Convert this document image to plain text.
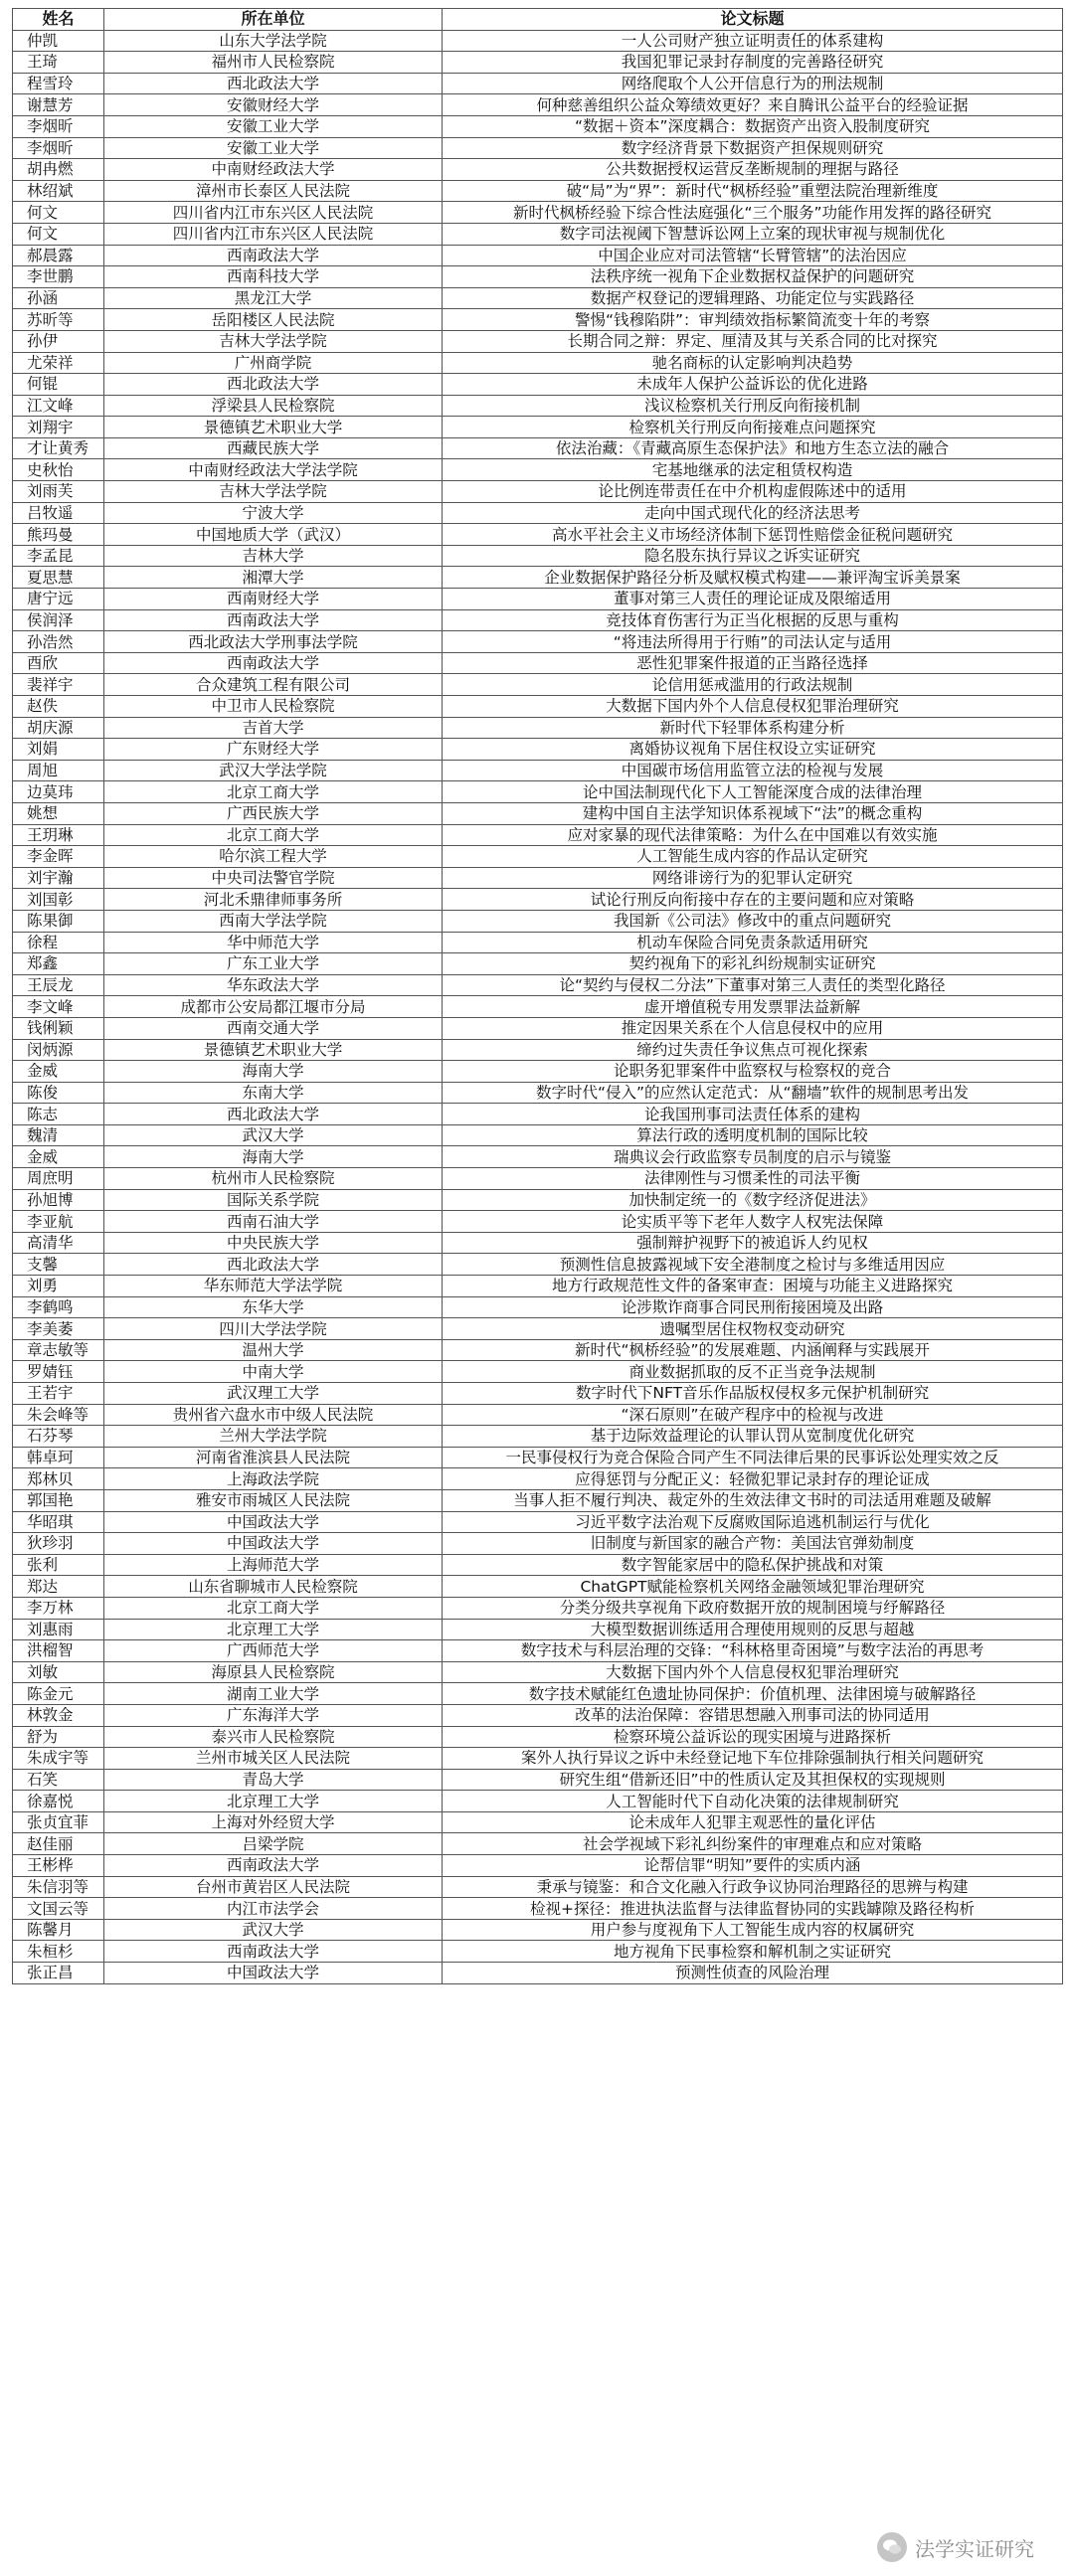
姓名	所在单位	论文标题
仲凯	山东大学法学院	一人公司财产独立证明责任的体系建构
王琦	福州市人民检察院	我国犯罪记录封存制度的完善路径研究
程雪玲	西北政法大学	网络爬取个人公开信息行为的刑法规制
谢慧芳	安徽财经大学	何种慈善组织公益众筹绩效更好？来自腾讯公益平台的经验证据
李烟昕	安徽工业大学	“数据＋资本”深度耦合：数据资产出资入股制度研究
李烟昕	安徽工业大学	数字经济背景下数据资产担保规则研究
胡冉燃	中南财经政法大学	公共数据授权运营反垄断规制的理据与路径
林绍斌	漳州市长泰区人民法院	破“局”为“界”：新时代“枫桥经验”重塑法院治理新维度
何文	四川省内江市东兴区人民法院	新时代枫桥经验下综合性法庭强化“三个服务”功能作用发挥的路径研究
何文	四川省内江市东兴区人民法院	数字司法视阈下智慧诉讼网上立案的现状审视与规制优化
郝晨露	西南政法大学	中国企业应对司法管辖“长臂管辖”的法治因应
李世鹏	西南科技大学	法秩序统一视角下企业数据权益保护的问题研究
孙涵	黑龙江大学	数据产权登记的逻辑理路、功能定位与实践路径
苏昕等	岳阳楼区人民法院	警惕“钱穆陷阱”：审判绩效指标繁简流变十年的考察
孙伊	吉林大学法学院	长期合同之辩：界定、厘清及其与关系合同的比对探究
尤荣祥	广州商学院	驰名商标的认定影响判决趋势
何锟	西北政法大学	未成年人保护公益诉讼的优化进路
江文峰	浮梁县人民检察院	浅议检察机关行刑反向衔接机制
刘翔宇	景德镇艺术职业大学	检察机关行刑反向衔接难点问题探究
才让黄秀	西藏民族大学	依法治藏：《青藏高原生态保护法》和地方生态立法的融合
史秋怡	中南财经政法大学法学院	宅基地继承的法定租赁权构造
刘雨芙	吉林大学法学院	论比例连带责任在中介机构虚假陈述中的适用
吕牧遥	宁波大学	走向中国式现代化的经济法思考
熊玛曼	中国地质大学（武汉）	高水平社会主义市场经济体制下惩罚性赔偿金征税问题研究
李孟昆	吉林大学	隐名股东执行异议之诉实证研究
夏思慧	湘潭大学	企业数据保护路径分析及赋权模式构建——兼评淘宝诉美景案
唐宁远	西南财经大学	董事对第三人责任的理论证成及限缩适用
侯润泽	西南政法大学	竞技体育伤害行为正当化根据的反思与重构
孙浩然	西北政法大学刑事法学院	“将违法所得用于行贿”的司法认定与适用
酉欣	西南政法大学	恶性犯罪案件报道的正当路径选择
裴祥宇	合众建筑工程有限公司	论信用惩戒滥用的行政法规制
赵佚	中卫市人民检察院	大数据下国内外个人信息侵权犯罪治理研究
胡庆源	吉首大学	新时代下轻罪体系构建分析
刘娟	广东财经大学	离婚协议视角下居住权设立实证研究
周旭	武汉大学法学院	中国碳市场信用监管立法的检视与发展
边莫玮	北京工商大学	论中国法制现代化下人工智能深度合成的法律治理
姚想	广西民族大学	建构中国自主法学知识体系视域下“法”的概念重构
王玥琳	北京工商大学	应对家暴的现代法律策略：为什么在中国难以有效实施
李金晖	哈尔滨工程大学	人工智能生成内容的作品认定研究
刘宇瀚	中央司法警官学院	网络诽谤行为的犯罪认定研究
刘国彰	河北禾鼎律师事务所	试论行刑反向衔接中存在的主要问题和应对策略
陈果御	西南大学法学院	我国新《公司法》修改中的重点问题研究
徐程	华中师范大学	机动车保险合同免责条款适用研究
郑鑫	广东工业大学	契约视角下的彩礼纠纷规制实证研究
王辰龙	华东政法大学	论“契约与侵权二分法”下董事对第三人责任的类型化路径
李文峰	成都市公安局都江堰市分局	虚开增值税专用发票罪法益新解
钱俐颖	西南交通大学	推定因果关系在个人信息侵权中的应用
闵炳源	景德镇艺术职业大学	缔约过失责任争议焦点可视化探索
金威	海南大学	论职务犯罪案件中监察权与检察权的竞合
陈俊	东南大学	数字时代“侵入”的应然认定范式：从“翻墙”软件的规制思考出发
陈志	西北政法大学	论我国刑事司法责任体系的建构
魏清	武汉大学	算法行政的透明度机制的国际比较
金威	海南大学	瑞典议会行政监察专员制度的启示与镜鉴
周庶明	杭州市人民检察院	法律刚性与习惯柔性的司法平衡
孙旭博	国际关系学院	加快制定统一的《数字经济促进法》
李亚航	西南石油大学	论实质平等下老年人数字人权宪法保障
高清华	中央民族大学	强制辩护视野下的被追诉人约见权
支馨	西北政法大学	预测性信息披露视域下安全港制度之检讨与多维适用因应
刘勇	华东师范大学法学院	地方行政规范性文件的备案审查：困境与功能主义进路探究
李鹤鸣	东华大学	论涉欺诈商事合同民刑衔接困境及出路
李美萎	四川大学法学院	遗嘱型居住权物权变动研究
章志敏等	温州大学	新时代“枫桥经验”的发展难题、内涵阐释与实践展开
罗婧钰	中南大学	商业数据抓取的反不正当竞争法规制
王若宇	武汉理工大学	数字时代下NFT音乐作品版权侵权多元保护机制研究
朱会峰等	贵州省六盘水市中级人民法院	“深石原则”在破产程序中的检视与改进
石芬琴	兰州大学法学院	基于边际效益理论的认罪认罚从宽制度优化研究
韩卓珂	河南省淮滨县人民法院	一民事侵权行为竞合保险合同产生不同法律后果的民事诉讼处理实效之反
郑林贝	上海政法学院	应得惩罚与分配正义：轻微犯罪记录封存的理论证成
郭国艳	雅安市雨城区人民法院	当事人拒不履行判决、裁定外的生效法律文书时的司法适用难题及破解
华昭琪	中国政法大学	习近平数字法治观下反腐败国际追逃机制运行与优化
狄珍羽	中国政法大学	旧制度与新国家的融合产物：美国法官弹劾制度
张利	上海师范大学	数字智能家居中的隐私保护挑战和对策
郑达	山东省聊城市人民检察院	ChatGPT赋能检察机关网络金融领域犯罪治理研究
李万林	北京工商大学	分类分级共享视角下政府数据开放的规制困境与纾解路径
刘惠雨	北京理工大学	大模型数据训练适用合理使用规则的反思与超越
洪榴智	广西师范大学	数字技术与科层治理的交锋：“科林格里奇困境”与数字法治的再思考
刘敏	海原县人民检察院	大数据下国内外个人信息侵权犯罪治理研究
陈金元	湖南工业大学	数字技术赋能红色遗址协同保护：价值机理、法律困境与破解路径
林敦金	广东海洋大学	改革的法治保障：容错思想融入刑事司法的协同适用
舒为	泰兴市人民检察院	检察环境公益诉讼的现实困境与进路探析
朱成宇等	兰州市城关区人民法院	案外人执行异议之诉中未经登记地下车位排除强制执行相关问题研究
石笑	青岛大学	研究生组“借新还旧”中的性质认定及其担保权的实现规则
徐嘉悦	北京理工大学	人工智能时代下自动化决策的法律规制研究
张贞宜菲	上海对外经贸大学	论未成年人犯罪主观恶性的量化评估
赵佳丽	吕梁学院	社会学视域下彩礼纠纷案件的审理难点和应对策略
王彬桦	西南政法大学	论帮信罪“明知”要件的实质内涵
朱信羽等	台州市黄岩区人民法院	秉承与镜鉴：和合文化融入行政争议协同治理路径的思辨与构建
文国云等	内江市法学会	检视+探径：推进执法监督与法律监督协同的实践罅隙及路径构析
陈馨月	武汉大学	用户参与度视角下人工智能生成内容的权属研究
朱桓杉	西南政法大学	地方视角下民事检察和解机制之实证研究
张正昌	中国政法大学	预测性侦查的风险治理
法学实证研究
